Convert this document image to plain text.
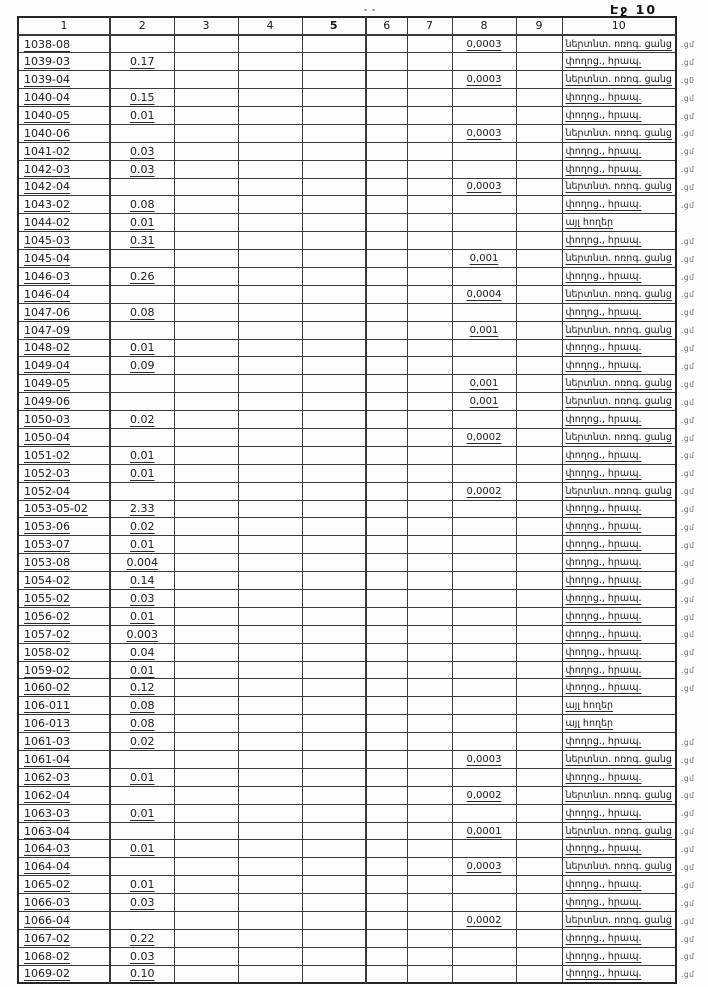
Էջ 10
1	2	3	4	5	6	7	8	9	10
1038-08							0,0003		ներտնտ. ոռոգ. ցանց
1039-03	0.17								փողոց., հրապ.
1039-04							0,0003		ներտնտ. ոռոգ. ցանց
1040-04	0.15								փողոց., հրապ.
1040-05	0.01								փողոց., հրապ.
1040-06							0,0003		ներտնտ. ոռոգ. ցանց
1041-02	0.03								փողոց., հրապ.
1042-03	0.03								փողոց., հրապ.
1042-04							0,0003		ներտնտ. ոռոգ. ցանց
1043-02	0.08								փողոց., հրապ.
1044-02	0.01								այլ հողեր
1045-03	0.31								փողոց., հրապ.
1045-04							0,001		ներտնտ. ոռոգ. ցանց
1046-03	0.26								փողոց., հրապ.
1046-04							0,0004		ներտնտ. ոռոգ. ցանց
1047-06	0.08								փողոց., հրապ.
1047-09							0,001		ներտնտ. ոռոգ. ցանց
1048-02	0.01								փողոց., հրապ.
1049-04	0.09								փողոց., հրապ.
1049-05							0,001		ներտնտ. ոռոգ. ցանց
1049-06							0,001		ներտնտ. ոռոգ. ցանց
1050-03	0.02								փողոց., հրապ.
1050-04							0,0002		ներտնտ. ոռոգ. ցանց
1051-02	0.01								փողոց., հրապ.
1052-03	0.01								փողոց., հրապ.
1052-04							0,0002		ներտնտ. ոռոգ. ցանց
1053-05-02	2.33								փողոց., հրապ.
1053-06	0.02								փողոց., հրապ.
1053-07	0.01								փողոց., հրապ.
1053-08	0.004								փողոց., հրապ.
1054-02	0.14								փողոց., հրապ.
1055-02	0.03								փողոց., հրապ.
1056-02	0.01								փողոց., հրապ.
1057-02	0.003								փողոց., հրապ.
1058-02	0.04								փողոց., հրապ.
1059-02	0.01								փողոց., հրապ.
1060-02	0.12								փողոց., հրապ.
106-011	0.08								այլ հողեր
106-013	0.08								այլ հողեր
1061-03	0.02								փողոց., հրապ.
1061-04							0,0003		ներտնտ. ոռոգ. ցանց
1062-03	0.01								փողոց., հրապ.
1062-04							0,0002		ներտնտ. ոռոգ. ցանց
1063-03	0.01								փողոց., հրապ.
1063-04							0,0001		ներտնտ. ոռոգ. ցանց
1064-03	0.01								փողոց., հրապ.
1064-04							0,0003		ներտնտ. ոռոգ. ցանց
1065-02	0.01								փողոց., հրապ.
1066-03	0.03								փողոց., հրապ.
1066-04							0,0002		ներտնտ. ոռոգ. ցանց
1067-02	0.22								փողոց., հրապ.
1068-02	0.03								փողոց., հրապ.
1069-02	0.10								փողոց., հրապ.
.ցմ
.ցմ
.ց0
.ցմ
.ցմ
.ցմ
.ցմ
.ցմ
.ցմ
.ցմ
.ցմ
.ցմ
.ցմ
.ցմ
.ցմ
.ցմ
.ցմ
.ցմ
.ցմ
.ցմ
.ցմ
.ցմ
.ցմ
.ցմ
.ցմ
.ցմ
.ցմ
.ցմ
.ցմ
.ցմ
.ցմ
.ցմ
.ցմ
.ցմ
.ցմ
.ցմ
.ցմ
.ցմ
.ցմ
.ցմ
.ցմ
.ցմ
.ցմ
.ցմ
.ցմ
.ցմ
.ցմ
.ցմ
.ցմ
.ցմ
